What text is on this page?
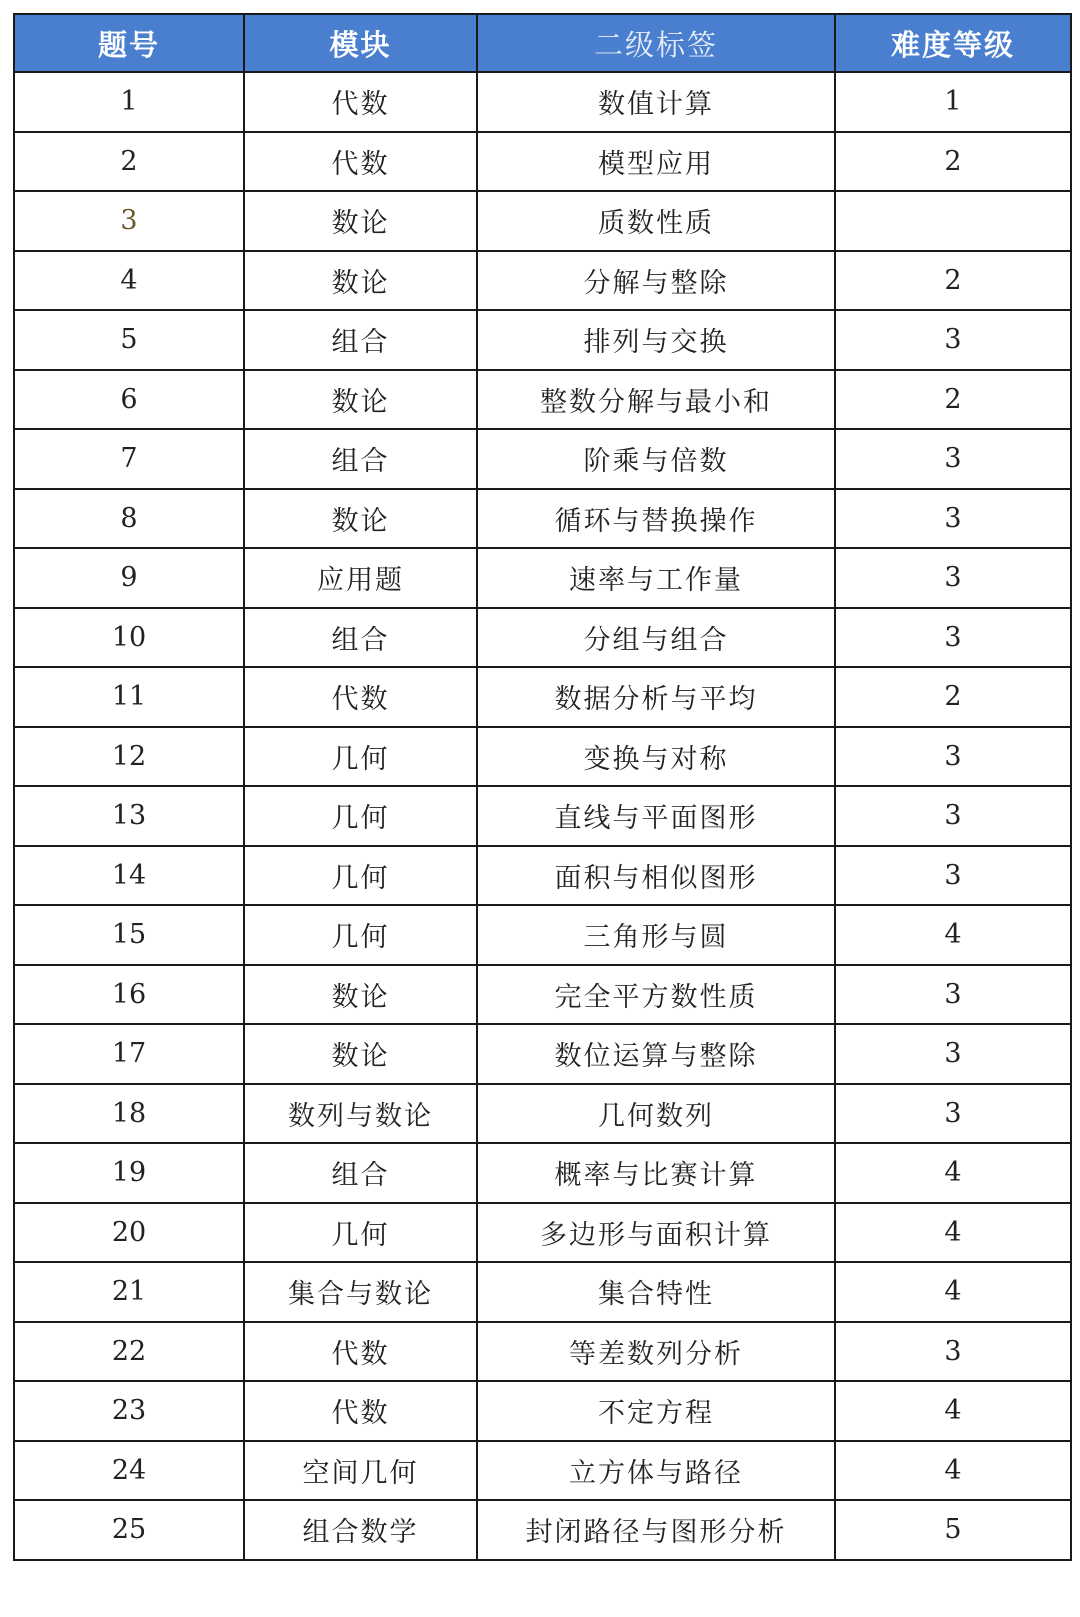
题号	模块	二级标签	难度等级
1	代数	数值计算	1
2	代数	模型应用	2
3	数论	质数性质	
4	数论	分解与整除	2
5	组合	排列与交换	3
6	数论	整数分解与最小和	2
7	组合	阶乘与倍数	3
8	数论	循环与替换操作	3
9	应用题	速率与工作量	3
10	组合	分组与组合	3
11	代数	数据分析与平均	2
12	几何	变换与对称	3
13	几何	直线与平面图形	3
14	几何	面积与相似图形	3
15	几何	三角形与圆	4
16	数论	完全平方数性质	3
17	数论	数位运算与整除	3
18	数列与数论	几何数列	3
19	组合	概率与比赛计算	4
20	几何	多边形与面积计算	4
21	集合与数论	集合特性	4
22	代数	等差数列分析	3
23	代数	不定方程	4
24	空间几何	立方体与路径	4
25	组合数学	封闭路径与图形分析	5
